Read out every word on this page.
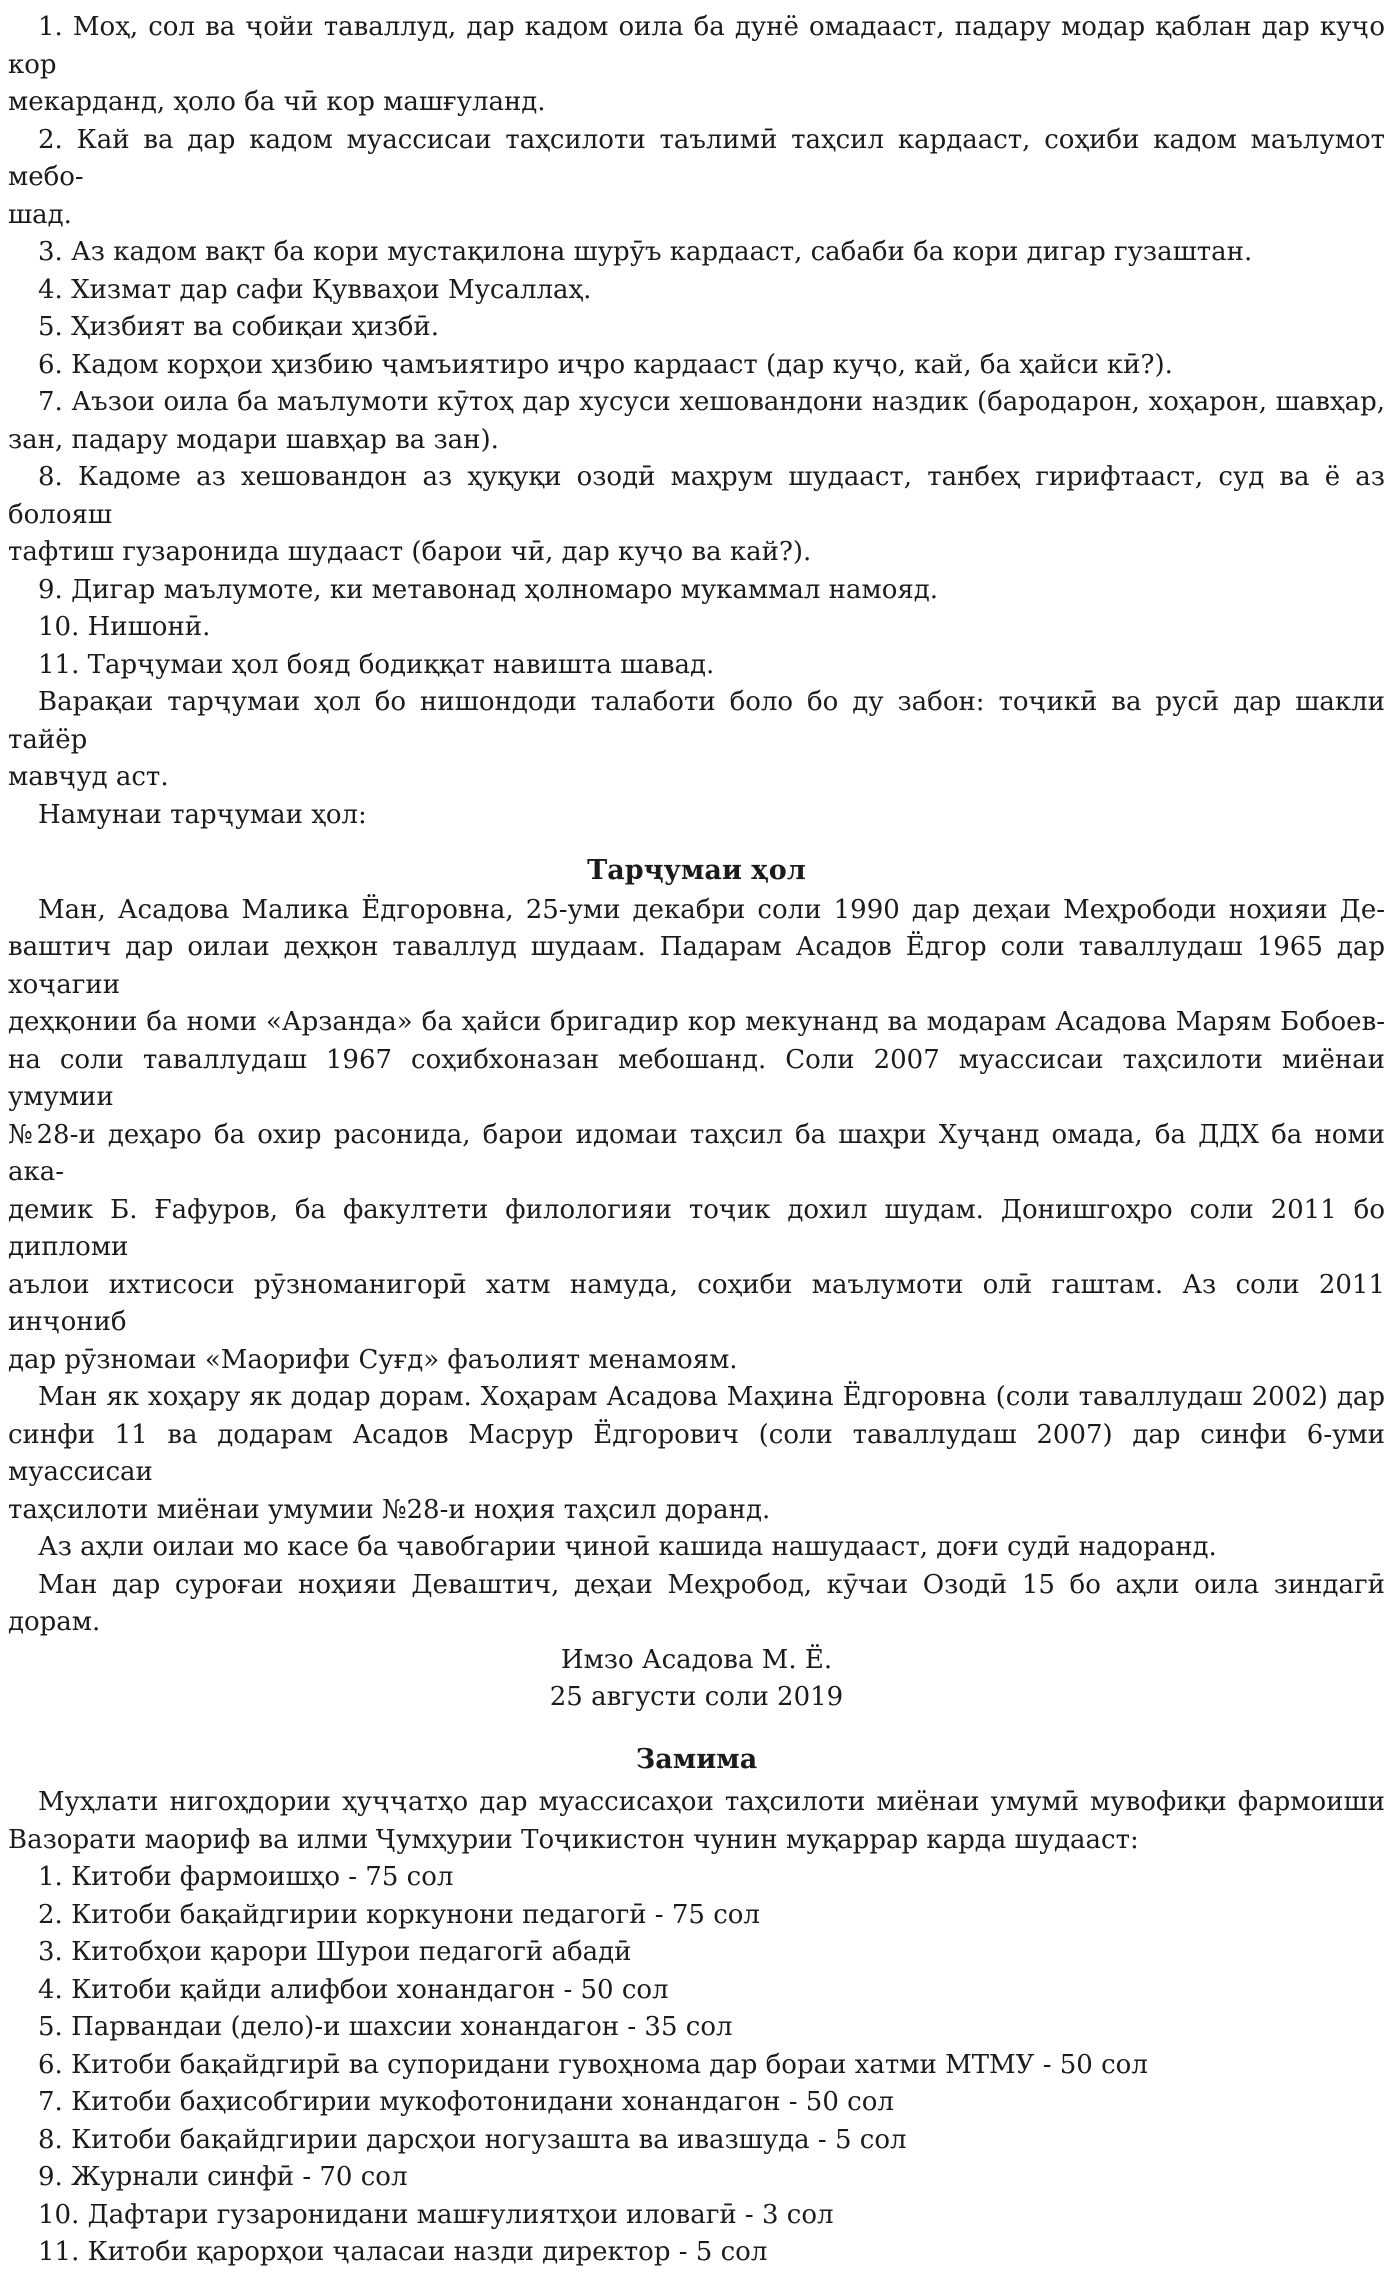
1. Моҳ, сол ва ҷойи таваллуд, дар кадом оила ба дунё омадааст, падару модар қаблан дар куҷо кор
мекарданд, ҳоло ба чӣ кор машғуланд.
2. Кай ва дар кадом муассисаи таҳсилоти таълимӣ таҳсил кардааст, соҳиби кадом маълумот мебо-
шад.
3. Аз кадом вақт ба кори мустақилона шурӯъ кардааст, сабаби ба кори дигар гузаштан.
4. Хизмат дар сафи Қувваҳои Мусаллаҳ.
5. Ҳизбият ва собиқаи ҳизбӣ.
6. Кадом корҳои ҳизбию ҷамъиятиро иҷро кардааст (дар куҷо, кай, ба ҳайси кӣ?).
7. Аъзои оила ба маълумоти кӯтоҳ дар хусуси хешовандони наздик (бародарон, хоҳарон, шавҳар,
зан, падару модари шавҳар ва зан).
8. Кадоме аз хешовандон аз ҳуқуқи озодӣ маҳрум шудааст, танбеҳ гирифтааст, суд ва ё аз болояш
тафтиш гузаронида шудааст (барои чӣ, дар куҷо ва кай?).
9. Дигар маълумоте, ки метавонад ҳолномаро мукаммал намояд.
10. Нишонӣ.
11. Тарҷумаи ҳол бояд бодиққат навишта шавад.
Варақаи тарҷумаи ҳол бо нишондоди талаботи боло бо ду забон: тоҷикӣ ва русӣ дар шакли тайёр
мавҷуд аст.
Намунаи тарҷумаи ҳол:
Тарҷумаи ҳол
Ман, Асадова Малика Ёдгоровна, 25-уми декабри соли 1990 дар деҳаи Меҳрободи ноҳияи Де-
ваштич дар оилаи деҳқон таваллуд шудаам. Падарам Асадов Ёдгор соли таваллудаш 1965 дар хоҷагии
деҳқонии ба номи «Арзанда» ба ҳайси бригадир кор мекунанд ва модарам Асадова Марям Бобоев-
на соли таваллудаш 1967 соҳибхоназан мебошанд. Соли 2007 муассисаи таҳсилоти миёнаи умумии
№28-и деҳаро ба охир расонида, барои идомаи таҳсил ба шаҳри Хуҷанд омада, ба ДДХ ба номи ака-
демик Б. Ғафуров, ба факултети филологияи тоҷик дохил шудам. Донишгоҳро соли 2011 бо дипломи
аълои ихтисоси рӯзноманигорӣ хатм намуда, соҳиби маълумоти олӣ гаштам. Аз соли 2011 инҷониб
дар рӯзномаи «Маорифи Суғд» фаъолият менамоям.
Ман як хоҳару як додар дорам. Хоҳарам Асадова Маҳина Ёдгоровна (соли таваллудаш 2002) дар
синфи 11 ва додарам Асадов Масрур Ёдгорович (соли таваллудаш 2007) дар синфи 6-уми муассисаи
таҳсилоти миёнаи умумии №28-и ноҳия таҳсил доранд.
Аз аҳли оилаи мо касе ба ҷавобгарии ҷиноӣ кашида нашудааст, доғи судӣ надоранд.
Ман дар суроғаи ноҳияи Деваштич, деҳаи Меҳробод, кӯчаи Озодӣ 15 бо аҳли оила зиндагӣ дорам.
Имзо Асадова М. Ё.
25 августи соли 2019
Замима
Муҳлати нигоҳдории ҳуҷҷатҳо дар муассисаҳои таҳсилоти миёнаи умумӣ мувофиқи фармоиши
Вазорати маориф ва илми Ҷумҳурии Тоҷикистон чунин муқаррар карда шудааст:
1. Китоби фармоишҳо - 75 сол
2. Китоби бақайдгирии коркунони педагогӣ - 75 сол
3. Китобҳои қарори Шурои педагогӣ абадӣ
4. Китоби қайди алифбои хонандагон - 50 сол
5. Парвандаи (дело)-и шахсии хонандагон - 35 сол
6. Китоби бақайдгирӣ ва супоридани гувоҳнома дар бораи хатми МТМУ - 50 сол
7. Китоби баҳисобгирии мукофотонидани хонандагон - 50 сол
8. Китоби бақайдгирии дарсҳои ногузашта ва ивазшуда - 5 сол
9. Журнали синфӣ - 70 сол
10. Дафтари гузаронидани машғулиятҳои иловагӣ - 3 сол
11. Китоби қарорҳои ҷаласаи назди директор - 5 сол
